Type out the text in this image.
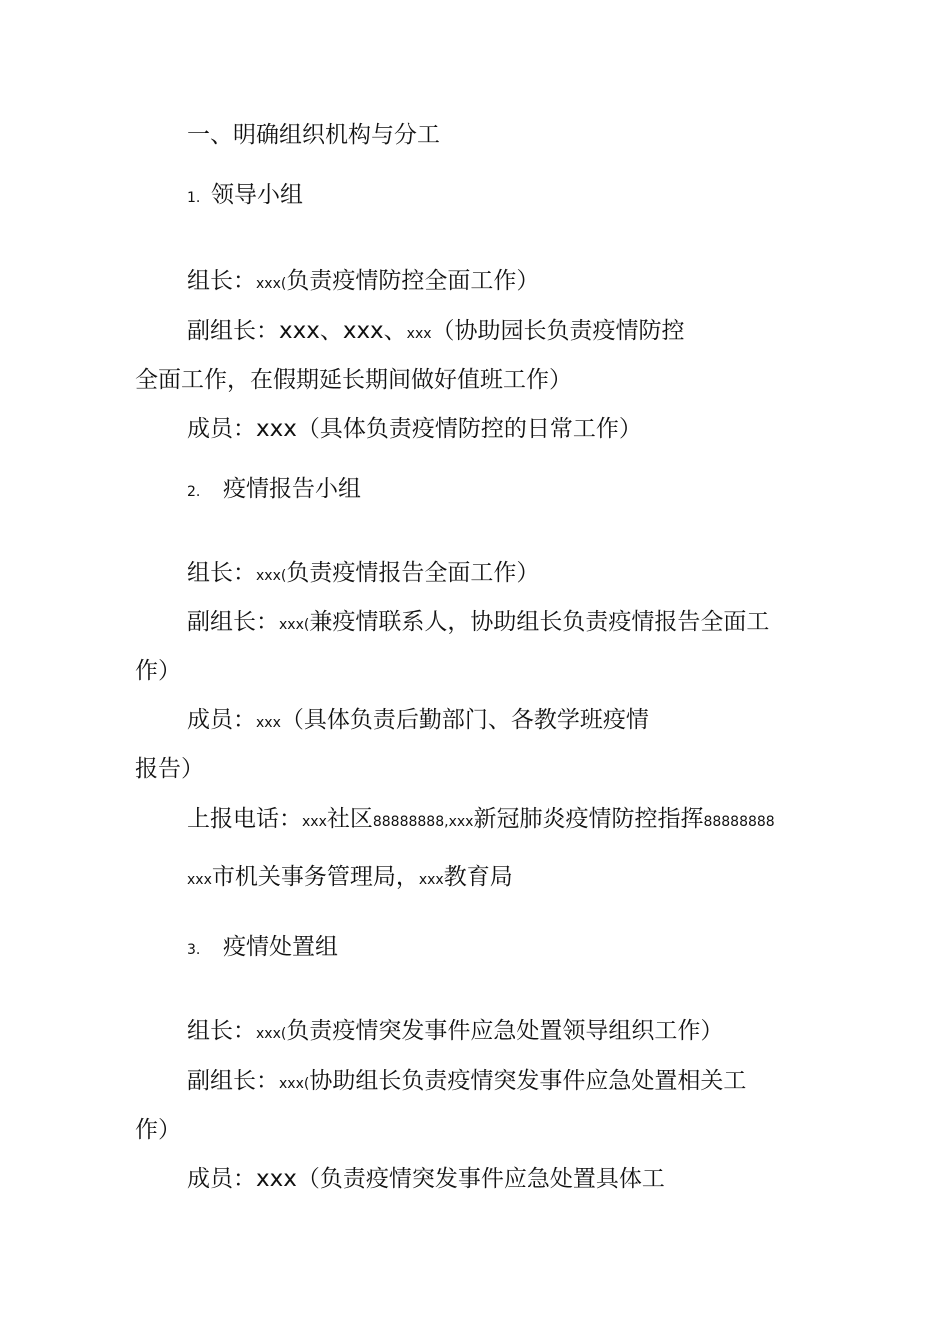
一、明确组织机构与分工
1. 领导小组
组长：xxx(负责疫情防控全面工作）
副组长：xxx、xxx、xxx（协助园长负责疫情防控
全面工作，在假期延长期间做好值班工作）
成员：xxx（具体负责疫情防控的日常工作）
2. 疫情报告小组
组长：xxx(负责疫情报告全面工作）
副组长：xxx(兼疫情联系人，协助组长负责疫情报告全面工
作）
成员：xxx（具体负责后勤部门、各教学班疫情
报告）
上报电话：xxx社区88888888,xxx新冠肺炎疫情防控指挥88888888
xxx市机关事务管理局，xxx教育局
3. 疫情处置组
组长：xxx(负责疫情突发事件应急处置领导组织工作）
副组长：xxx(协助组长负责疫情突发事件应急处置相关工
作）
成员：xxx（负责疫情突发事件应急处置具体工
